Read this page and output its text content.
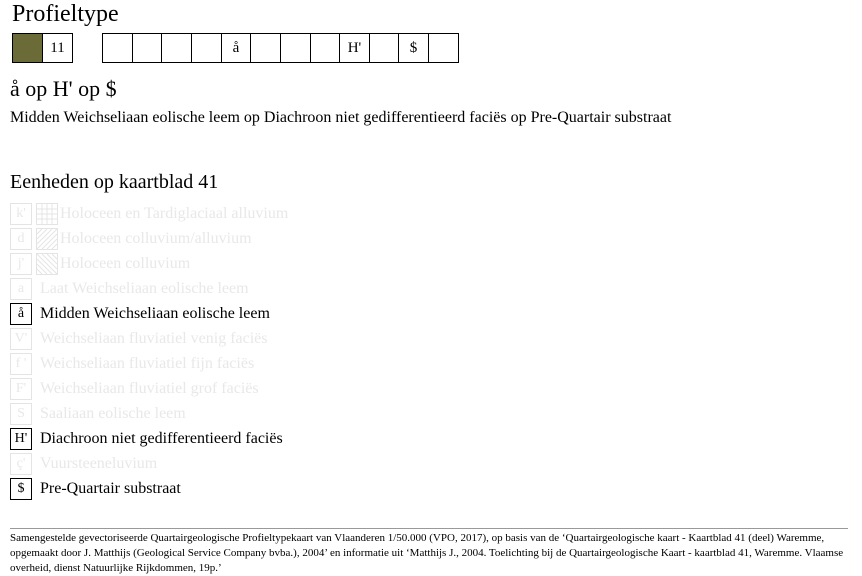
Profieltype
11	å	H'	$
å op H' op $
Midden Weichseliaan eolische leem op Diachroon niet gedifferentieerd faciës op Pre-Quartair substraat
Eenheden op kaartblad 41
k'	Holoceen en Tardiglaciaal alluvium
d	Holoceen colluvium/alluvium
j'	Holoceen colluvium
a Laat Weichseliaan eolische leem
å Midden Weichseliaan eolische leem
V' Weichseliaan fluviatiel venig faciës
f ' Weichseliaan fluviatiel fijn faciës
F' Weichseliaan fluviatiel grof faciës
S Saaliaan eolische leem
H' Diachroon niet gedifferentieerd faciës
ç' Vuursteeneluvium
$ Pre-Quartair substraat
Samengestelde gevectoriseerde Quartairgeologische Profieltypekaart van Vlaanderen 1/50.000 (VPO, 2017), op basis van de ‘Quartairgeologische kaart - Kaartblad 41 (deel) Waremme, opgemaakt door J. Matthijs (Geological Service Company bvba.), 2004’ en informatie uit ‘Matthijs J., 2004. Toelichting bij de Quartairgeologische Kaart - kaartblad 41, Waremme. Vlaamse overheid, dienst Natuurlijke Rijkdommen, 19p.’
